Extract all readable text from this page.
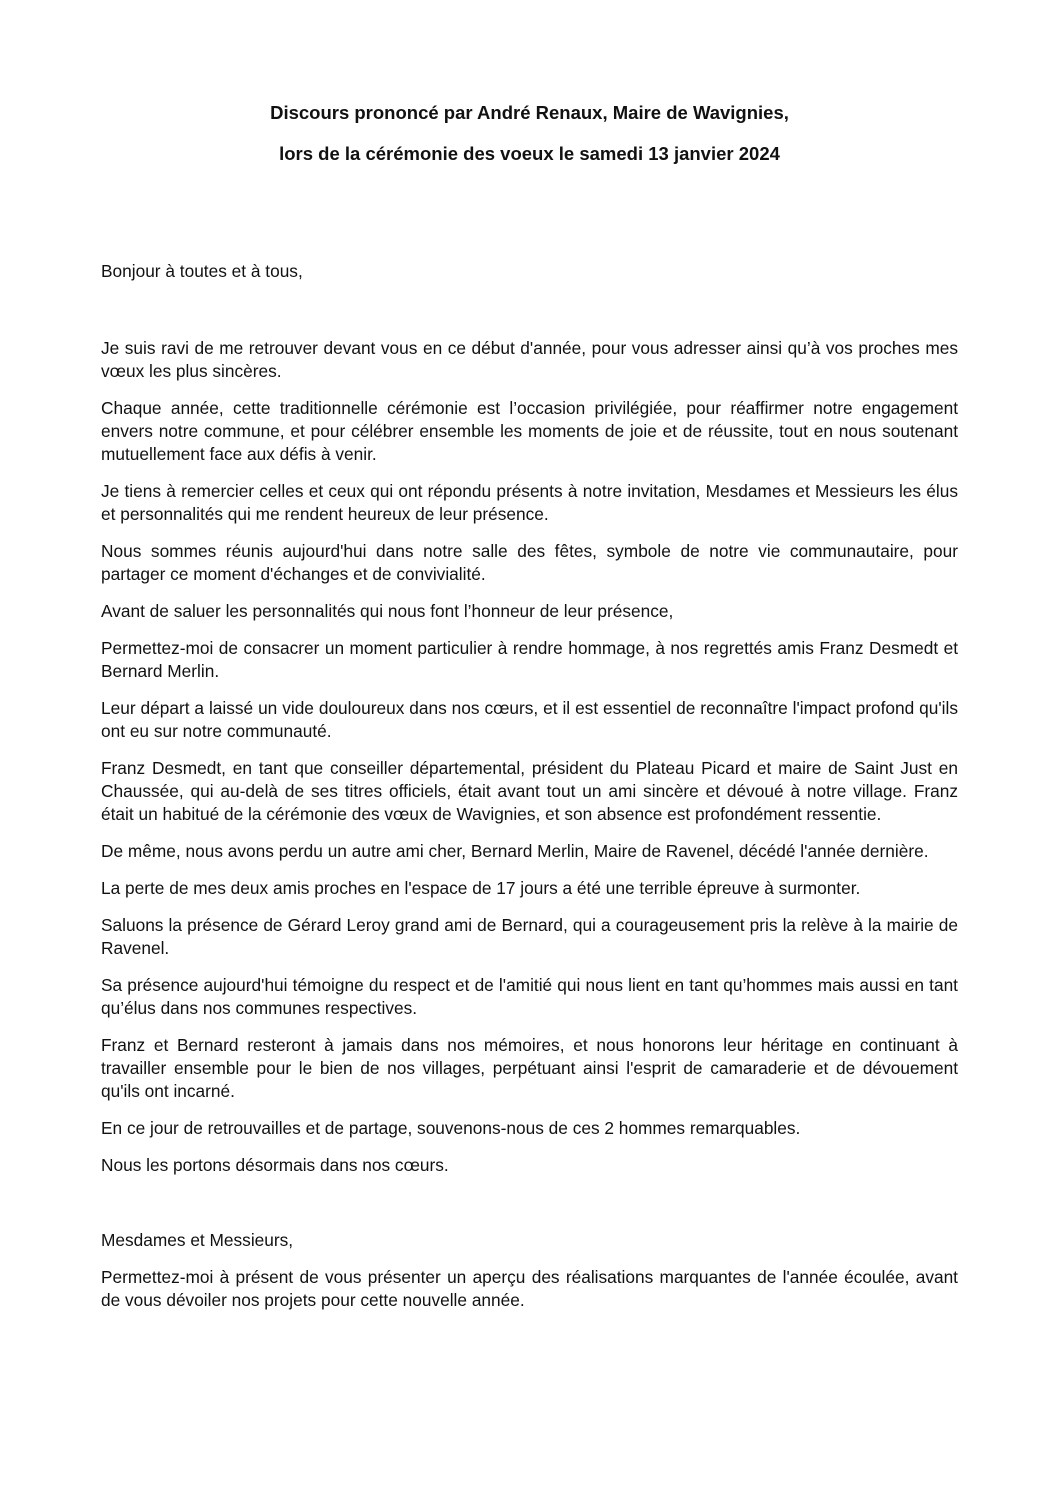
Discours prononcé par André Renaux, Maire de Wavignies,
lors de la cérémonie des voeux le samedi 13 janvier 2024

Bonjour à toutes et à tous,

Je suis ravi de me retrouver devant vous en ce début d'année, pour vous adresser ainsi qu’à vos proches mes vœux les plus sincères.

Chaque année, cette traditionnelle cérémonie est l’occasion privilégiée, pour réaffirmer notre engagement envers notre commune, et pour célébrer ensemble les moments de joie et de réussite, tout en nous soutenant mutuellement face aux défis à venir.

Je tiens à remercier celles et ceux qui ont répondu présents à notre invitation, Mesdames et Messieurs les élus et personnalités qui me rendent heureux de leur présence.

Nous sommes réunis aujourd'hui dans notre salle des fêtes, symbole de notre vie communautaire, pour partager ce moment d'échanges et de convivialité.

Avant de saluer les personnalités qui nous font l’honneur de leur présence,

Permettez-moi de consacrer un moment particulier à rendre hommage, à nos regrettés amis Franz Desmedt et Bernard Merlin.

Leur départ a laissé un vide douloureux dans nos cœurs, et il est essentiel de reconnaître l'impact profond qu'ils ont eu sur notre communauté.

Franz Desmedt, en tant que conseiller départemental, président du Plateau Picard et maire de Saint Just en Chaussée, qui au-delà de ses titres officiels, était avant tout un ami sincère et dévoué à notre village. Franz était un habitué de la cérémonie des vœux de Wavignies, et son absence est profondément ressentie.

De même, nous avons perdu un autre ami cher, Bernard Merlin, Maire de Ravenel, décédé l'année dernière.

La perte de mes deux amis proches en l'espace de 17 jours a été une terrible épreuve à surmonter.

Saluons la présence de Gérard Leroy grand ami de Bernard, qui a courageusement pris la relève à la mairie de Ravenel.

Sa présence aujourd'hui témoigne du respect et de l'amitié qui nous lient en tant qu’hommes mais aussi en tant qu’élus dans nos communes respectives.

Franz et Bernard resteront à jamais dans nos mémoires, et nous honorons leur héritage en continuant à travailler ensemble pour le bien de nos villages, perpétuant ainsi l'esprit de camaraderie et de dévouement qu'ils ont incarné.

En ce jour de retrouvailles et de partage, souvenons-nous de ces 2 hommes remarquables.

Nous les portons désormais dans nos cœurs.

Mesdames et Messieurs,

Permettez-moi à présent de vous présenter un aperçu des réalisations marquantes de l'année écoulée, avant de vous dévoiler nos projets pour cette nouvelle année.
